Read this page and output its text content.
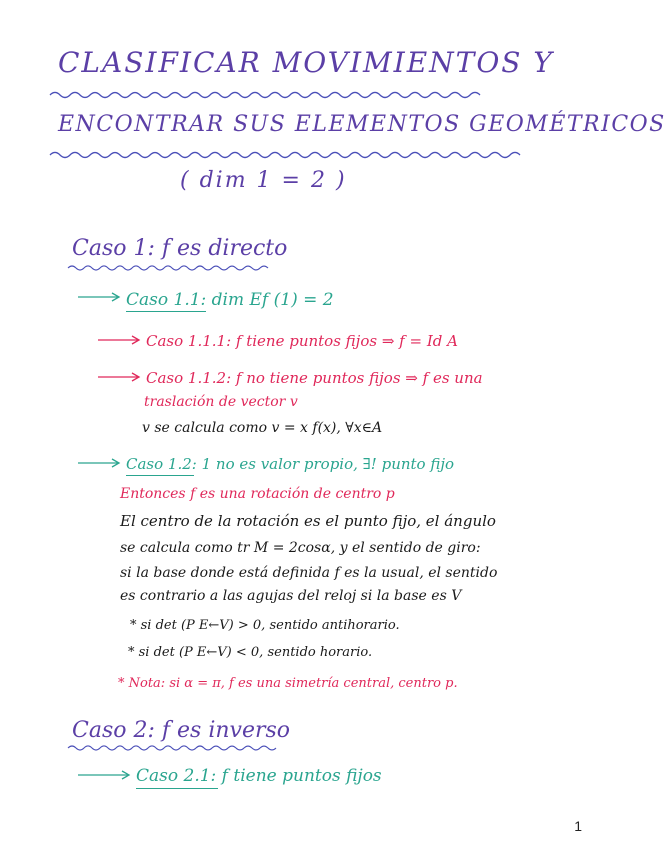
CLASIFICAR MOVIMIENTOS Y
ENCONTRAR SUS ELEMENTOS GEOMÉTRICOS
( dim 1 = 2 )
Caso 1: f es directo
Caso 1.1: dim Ef (1) = 2
Caso 1.1.1: f tiene puntos fijos ⇒ f = Id A
Caso 1.1.2: f no tiene puntos fijos ⇒ f es una
traslación de vector v
v se calcula como v = x f(x), ∀x∈A
Caso 1.2: 1 no es valor propio, ∃! punto fijo
Entonces f es una rotación de centro p
El centro de la rotación es el punto fijo, el ángulo
se calcula como tr M = 2cosα, y el sentido de giro:
si la base donde está definida f es la usual, el sentido
es contrario a las agujas del reloj si la base es V
* si det (P E←V) > 0, sentido antihorario.
* si det (P E←V) < 0, sentido horario.
* Nota: si α = π, f es una simetría central, centro p.
Caso 2: f es inverso
Caso 2.1: f tiene puntos fijos
1
